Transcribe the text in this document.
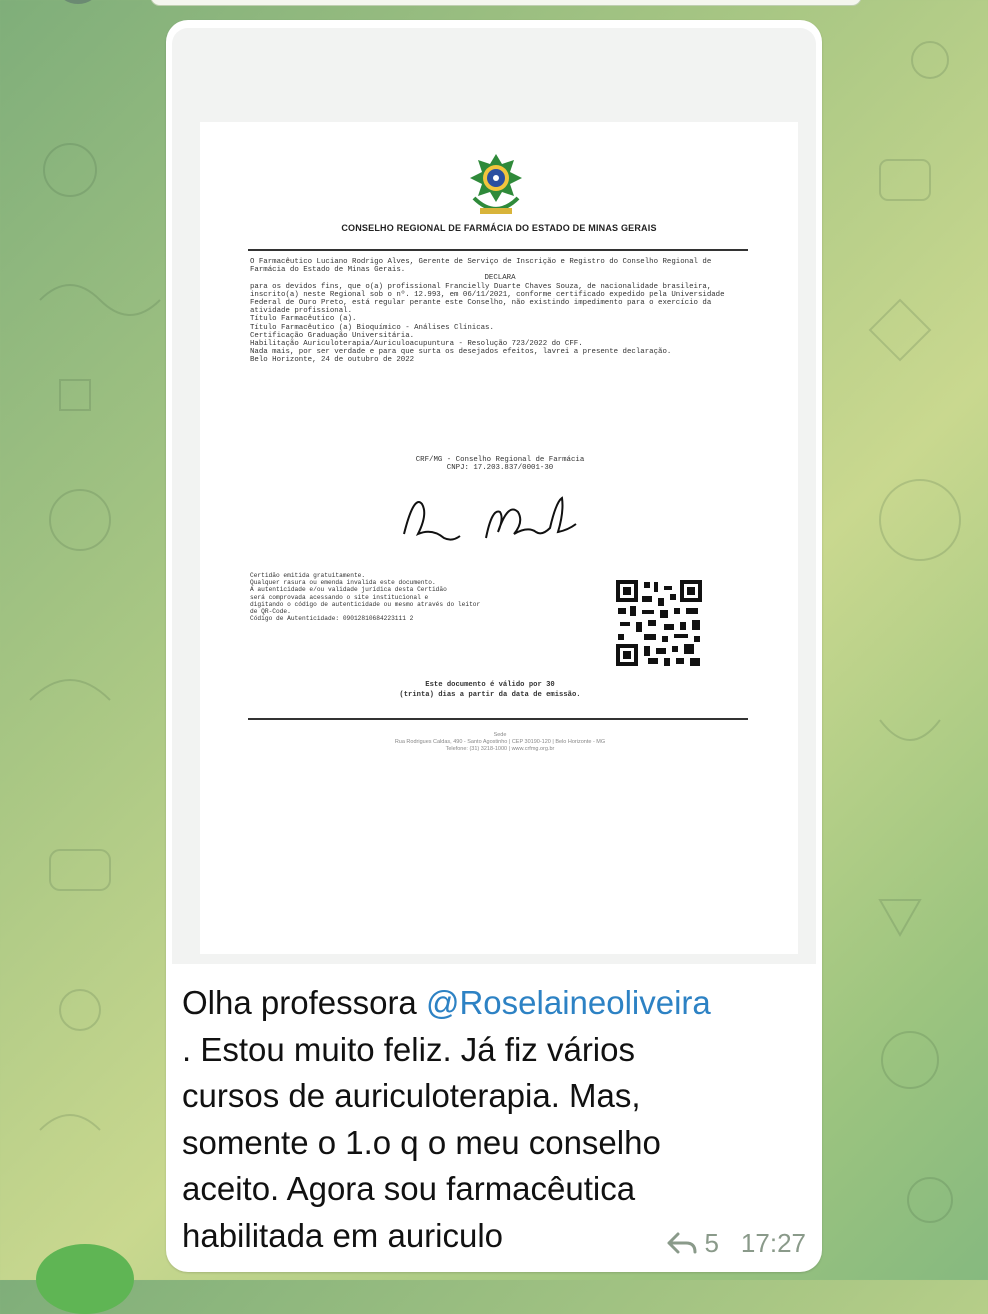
CONSELHO REGIONAL DE FARMÁCIA DO ESTADO DE MINAS GERAIS

O Farmacêutico Luciano Rodrigo Alves, Gerente de Serviço de Inscrição e Registro do Conselho Regional de Farmácia do Estado de Minas Gerais.

DECLARA

para os devidos fins, que o(a) profissional Francielly Duarte Chaves Souza, de nacionalidade brasileira, inscrito(a) neste Regional sob o nº. 12.993, em 06/11/2021, conforme certificado expedido pela Universidade Federal de Ouro Preto, está regular perante este Conselho, não existindo impedimento para o exercício da atividade profissional.

Título Farmacêutico (a).

Título Farmacêutico (a) Bioquímico - Análises Clínicas.

Certificação Graduação Universitária.

Habilitação Auriculoterapia/Auriculoacupuntura - Resolução 723/2022 do CFF.

Nada mais, por ser verdade e para que surta os desejados efeitos, lavrei a presente declaração.

Belo Horizonte, 24 de outubro de 2022

CRF/MG - Conselho Regional de Farmácia
CNPJ: 17.203.837/0001-30
Certidão emitida gratuitamente.
Qualquer rasura ou emenda invalida este documento.
A autenticidade e/ou validade jurídica desta Certidão
será comprovada acessando o site institucional e
digitando o código de autenticidade ou mesmo através do leitor
de QR-Code.
Código de Autenticidade: 09012810684223111 2
Este documento é válido por 30
(trinta) dias a partir da data de emissão.
Sede
Rua Rodrigues Caldas, 490 - Santo Agostinho | CEP 30190-120 | Belo Horizonte - MG
Telefone: (31) 3218-1000 | www.crfmg.org.br
Olha professora @Roselaineoliveira
. Estou muito feliz. Já fiz vários
cursos de auriculoterapia. Mas,
somente o 1.o q o meu conselho
aceito. Agora sou farmacêutica
habilitada em auriculo	5 17:27
